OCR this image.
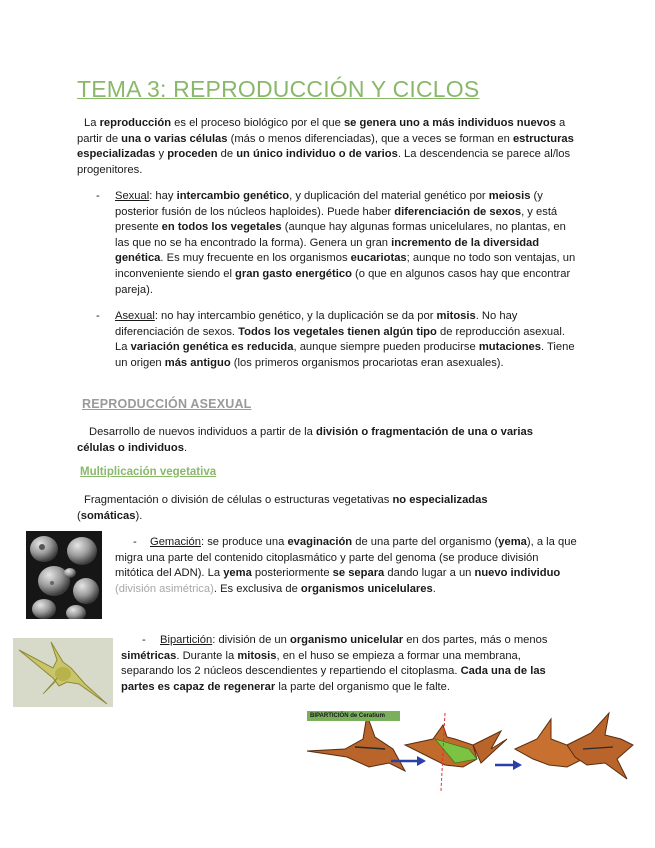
TEMA 3: REPRODUCCIÓN Y CICLOS
La reproducción es el proceso biológico por el que se genera uno a más individuos nuevos a partir de una o varias células (más o menos diferenciadas), que a veces se forman en estructuras especializadas y proceden de un único individuo o de varios. La descendencia se parece al/los progenitores.
- Sexual: hay intercambio genético, y duplicación del material genético por meiosis (y posterior fusión de los núcleos haploides). Puede haber diferenciación de sexos, y está presente en todos los vegetales (aunque hay algunas formas unicelulares, no plantas, en las que no se ha encontrado la forma). Genera un gran incremento de la diversidad genética. Es muy frecuente en los organismos eucariotas; aunque no todo son ventajas, un inconveniente siendo el gran gasto energético (o que en algunos casos hay que encontrar pareja).
- Asexual: no hay intercambio genético, y la duplicación se da por mitosis. No hay diferenciación de sexos. Todos los vegetales tienen algún tipo de reproducción asexual. La variación genética es reducida, aunque siempre pueden producirse mutaciones. Tiene un origen más antiguo (los primeros organismos procariotas eran asexuales).
REPRODUCCIÓN ASEXUAL
Desarrollo de nuevos individuos a partir de la división o fragmentación de una o varias células o individuos.
Multiplicación vegetativa
Fragmentación o división de células o estructuras vegetativas no especializadas (somáticas).
-	Gemación: se produce una evaginación de una parte del organismo (yema), a la que migra una parte del contenido citoplasmático y parte del genoma (se produce división mitótica del ADN). La yema posteriormente se separa dando lugar a un nuevo individuo (división asimétrica). Es exclusiva de organismos unicelulares.
-	Bipartición: división de un organismo unicelular en dos partes, más o menos simétricas. Durante la mitosis, en el huso se empieza a formar una membrana, separando los 2 núcleos descendientes y repartiendo el citoplasma. Cada una de las partes es capaz de regenerar la parte del organismo que le falte.
BIPARTICIÓN de Ceratium
